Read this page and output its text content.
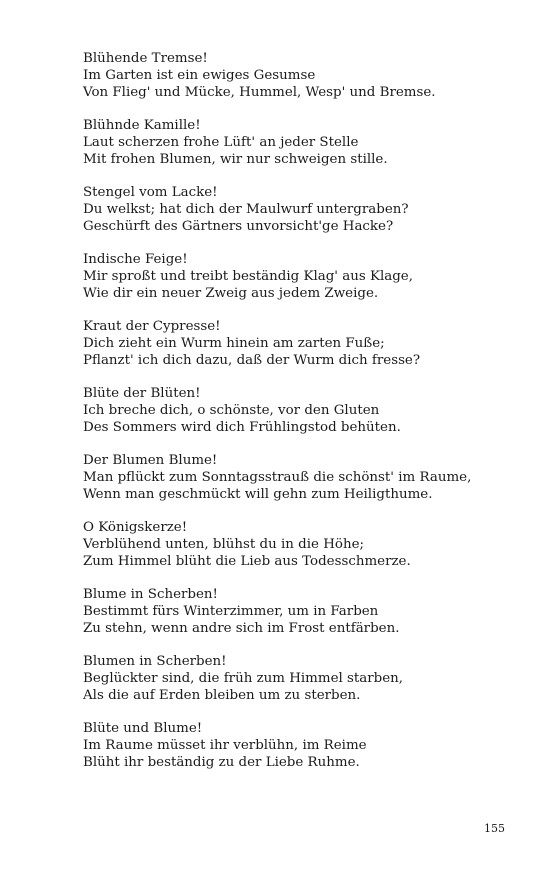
Blühende Tremse!
Im Garten ist ein ewiges Gesumse
Von Flieg' und Mücke, Hummel, Wesp' und Bremse.
Blühnde Kamille!
Laut scherzen frohe Lüft' an jeder Stelle
Mit frohen Blumen, wir nur schweigen stille.
Stengel vom Lacke!
Du welkst; hat dich der Maulwurf untergraben?
Geschürft des Gärtners unvorsicht'ge Hacke?
Indische Feige!
Mir sproßt und treibt beständig Klag' aus Klage,
Wie dir ein neuer Zweig aus jedem Zweige.
Kraut der Cypresse!
Dich zieht ein Wurm hinein am zarten Fuße;
Pflanzt' ich dich dazu, daß der Wurm dich fresse?
Blüte der Blüten!
Ich breche dich, o schönste, vor den Gluten
Des Sommers wird dich Frühlingstod behüten.
Der Blumen Blume!
Man pflückt zum Sonntagsstrauß die schönst' im Raume,
Wenn man geschmückt will gehn zum Heiligthume.
O Königskerze!
Verblühend unten, blühst du in die Höhe;
Zum Himmel blüht die Lieb aus Todesschmerze.
Blume in Scherben!
Bestimmt fürs Winterzimmer, um in Farben
Zu stehn, wenn andre sich im Frost entfärben.
Blumen in Scherben!
Beglückter sind, die früh zum Himmel starben,
Als die auf Erden bleiben um zu sterben.
Blüte und Blume!
Im Raume müsset ihr verblühn, im Reime
Blüht ihr beständig zu der Liebe Ruhme.
155
